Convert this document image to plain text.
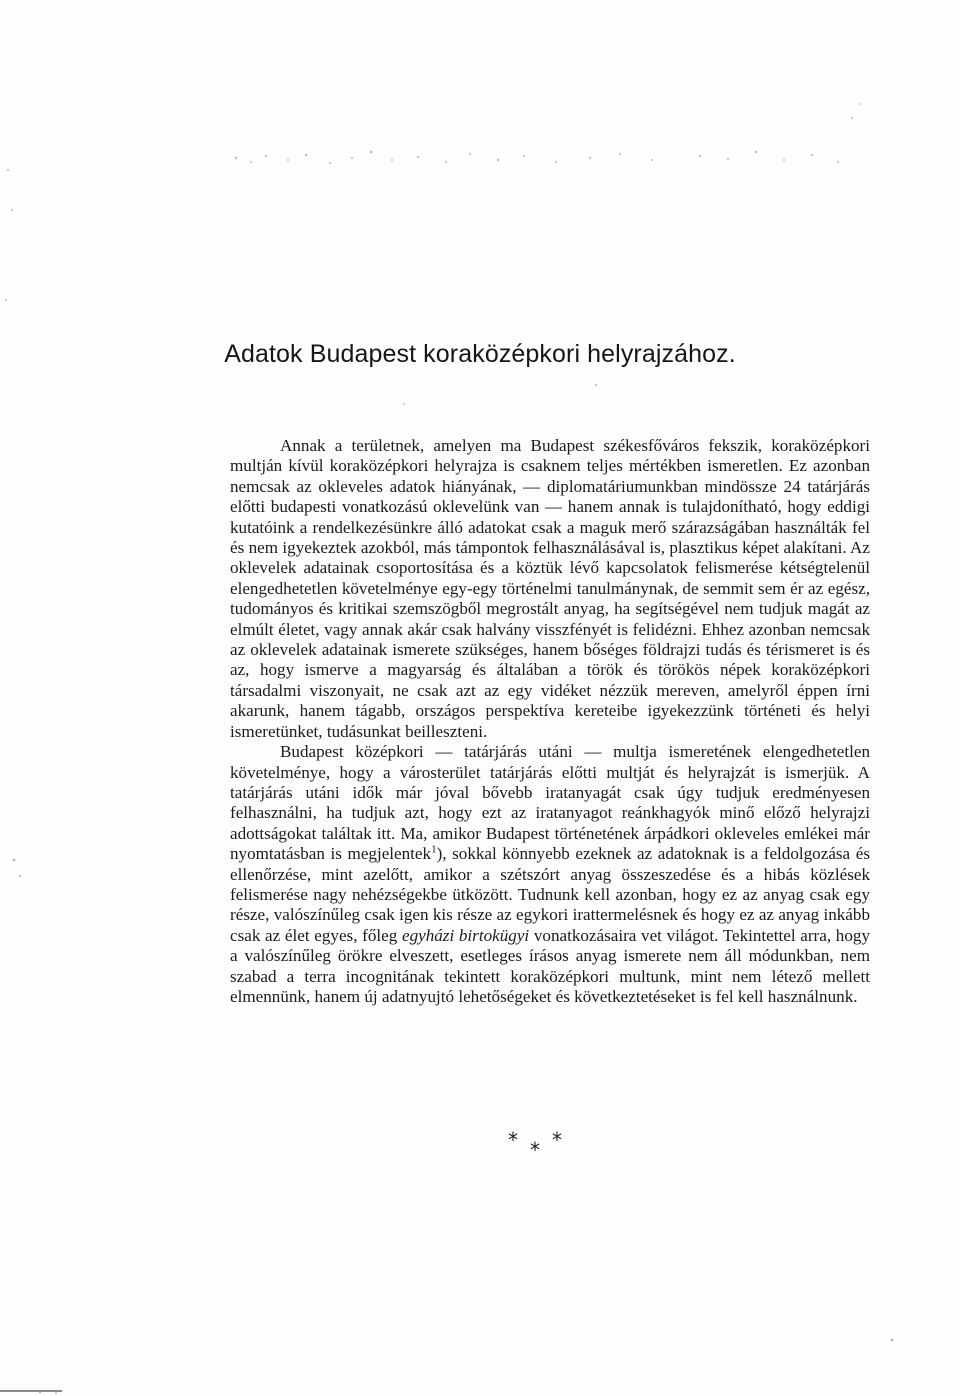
Adatok Budapest koraközépkori helyrajzához.

Annak a területnek, amelyen ma Budapest székesfőváros fekszik, koraközépkori multján kívül koraközépkori helyrajza is csaknem teljes mértékben ismeretlen. Ez azonban nemcsak az okleveles adatok hiányának, — diplomatáriumunkban mindössze 24 tatárjárás előtti budapesti vonatkozású oklevelünk van — hanem annak is tulajdonítható, hogy eddigi kutatóink a rendelkezésünkre álló adatokat csak a maguk merő szárazságában használták fel és nem igyekeztek azokból, más támpontok felhasználásával is, plasztikus képet alakítani. Az oklevelek adatainak csoportosítása és a köztük lévő kapcsolatok felismerése kétségtelenül elengedhetetlen követelménye egy-egy történelmi tanulmánynak, de semmit sem ér az egész, tudományos és kritikai szemszögből megrostált anyag, ha segítségével nem tudjuk magát az elmúlt életet, vagy annak akár csak halvány visszfényét is felidézni. Ehhez azonban nemcsak az oklevelek adatainak ismerete szükséges, hanem bőséges földrajzi tudás és térismeret is és az, hogy ismerve a magyarság és általában a török és törökös népek koraközépkori társadalmi viszonyait, ne csak azt az egy vidéket nézzük mereven, amelyről éppen írni akarunk, hanem tágabb, országos perspektíva kereteibe igyekezzünk történeti és helyi ismeretünket, tudásunkat beilleszteni.

Budapest középkori — tatárjárás utáni — multja ismeretének elengedhetetlen követelménye, hogy a városterület tatárjárás előtti multját és helyrajzát is ismerjük. A tatárjárás utáni idők már jóval bővebb iratanyagát csak úgy tudjuk eredményesen felhasználni, ha tudjuk azt, hogy ezt az iratanyagot reánkhagyók minő előző helyrajzi adottságokat találtak itt. Ma, amikor Budapest történetének árpádkori okleveles emlékei már nyomtatásban is megjelentek$^1$), sokkal könnyebb ezeknek az adatoknak is a feldolgozása és ellenőrzése, mint azelőtt, amikor a szétszórt anyag összeszedése és a hibás közlések felismerése nagy nehézségekbe ütközött. Tudnunk kell azonban, hogy ez az anyag csak egy része, valószínűleg csak igen kis része az egykori irattermelésnek és hogy ez az anyag inkább csak az élet egyes, főleg egyházi birtokügyi vonatkozásaira vet világot. Tekintettel arra, hogy a valószínűleg örökre elveszett, esetleges írásos anyag ismerete nem áll módunkban, nem szabad a terra incognitának tekintett koraközépkori multunk, mint nem létező mellett elmennünk, hanem új adatnyujtó lehetőségeket és következtetéseket is fel kell használnunk.

* *
*
